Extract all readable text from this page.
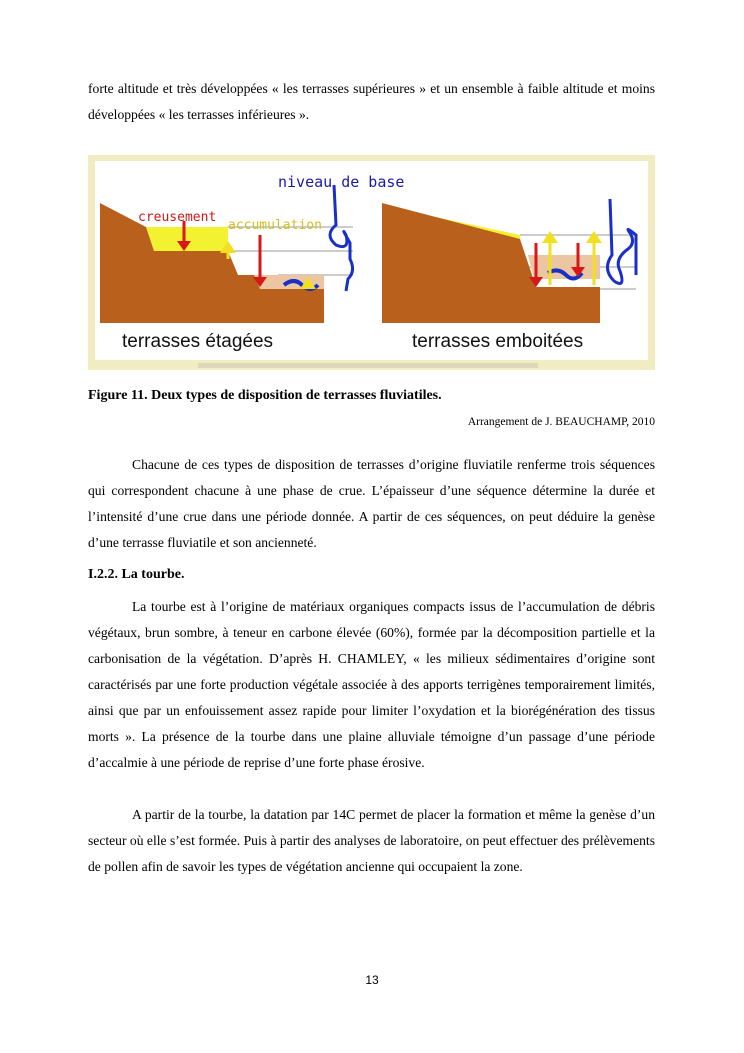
forte altitude et très développées « les terrasses supérieures » et un ensemble à faible altitude et moins développées « les terrasses inférieures ».

creusement
accumulation
terrasses étagées	terrasses emboitées
niveau de base

Figure 11. Deux types de disposition de terrasses fluviatiles.

Arrangement de J. BEAUCHAMP, 2010

Chacune de ces types de disposition de terrasses d’origine fluviatile renferme trois séquences qui correspondent chacune à une phase de crue. L’épaisseur d’une séquence détermine la durée et l’intensité d’une crue dans une période donnée. A partir de ces séquences, on peut déduire la genèse d’une terrasse fluviatile et son ancienneté.

I.2.2. La tourbe.

La tourbe est à l’origine de matériaux organiques compacts issus de l’accumulation de débris végétaux, brun sombre, à teneur en carbone élevée (60%), formée par la décomposition partielle et la carbonisation de la végétation. D’après H. CHAMLEY, « les milieux sédimentaires d’origine sont caractérisés par une forte production végétale associée à des apports terrigènes temporairement limités, ainsi que par un enfouissement assez rapide pour limiter l’oxydation et la biorégénération des tissus morts ». La présence de la tourbe dans une plaine alluviale témoigne d’un passage d’une période d’accalmie à une période de reprise d’une forte phase érosive.

A partir de la tourbe, la datation par 14C permet de placer la formation et même la genèse d’un secteur où elle s’est formée. Puis à partir des analyses de laboratoire, on peut effectuer des prélèvements de pollen afin de savoir les types de végétation ancienne qui occupaient la zone.

13
